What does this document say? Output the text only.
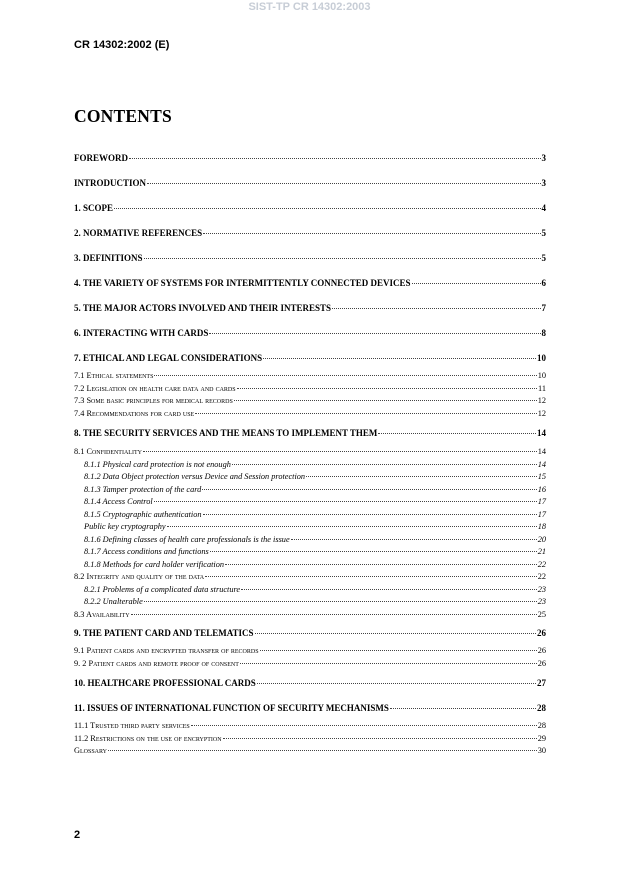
SIST-TP CR 14302:2003
CR 14302:2002 (E)
CONTENTS
FOREWORD	3
INTRODUCTION	3
1. SCOPE	4
2. NORMATIVE REFERENCES	5
3. DEFINITIONS	5
4. THE VARIETY OF SYSTEMS FOR INTERMITTENTLY CONNECTED DEVICES	6
5. THE MAJOR ACTORS INVOLVED AND THEIR INTERESTS	7
6. INTERACTING WITH CARDS	8
7. ETHICAL AND LEGAL CONSIDERATIONS	10
7.1 Ethical statements	10
7.2 Legislation on health care data and cards	11
7.3 Some basic principles for medical records	12
7.4 Recommendations for card use	12
8. THE SECURITY SERVICES AND THE MEANS TO IMPLEMENT THEM	14
8.1 Confidentiality	14
8.1.1 Physical card protection is not enough	14
8.1.2 Data Object protection versus Device and Session protection	15
8.1.3 Tamper protection of the card	16
8.1.4 Access Control	17
8.1.5 Cryptographic authentication	17
Public key cryptography	18
8.1.6 Defining classes of health care professionals is the issue	20
8.1.7 Access conditions and functions	21
8.1.8 Methods for card holder verification	22
8.2 Integrity and quality of the data	22
8.2.1 Problems of a complicated data structure	23
8.2.2 Unalterable	23
8.3 Availability	25
9. THE PATIENT CARD AND TELEMATICS	26
9.1 Patient cards and encrypted transfer of records	26
9. 2 Patient cards and remote proof of consent	26
10. HEALTHCARE PROFESSIONAL CARDS	27
11. ISSUES OF INTERNATIONAL FUNCTION OF SECURITY MECHANISMS	28
11.1 Trusted third party services	28
11.2 Restrictions on the use of encryption	29
Glossary	30
2
